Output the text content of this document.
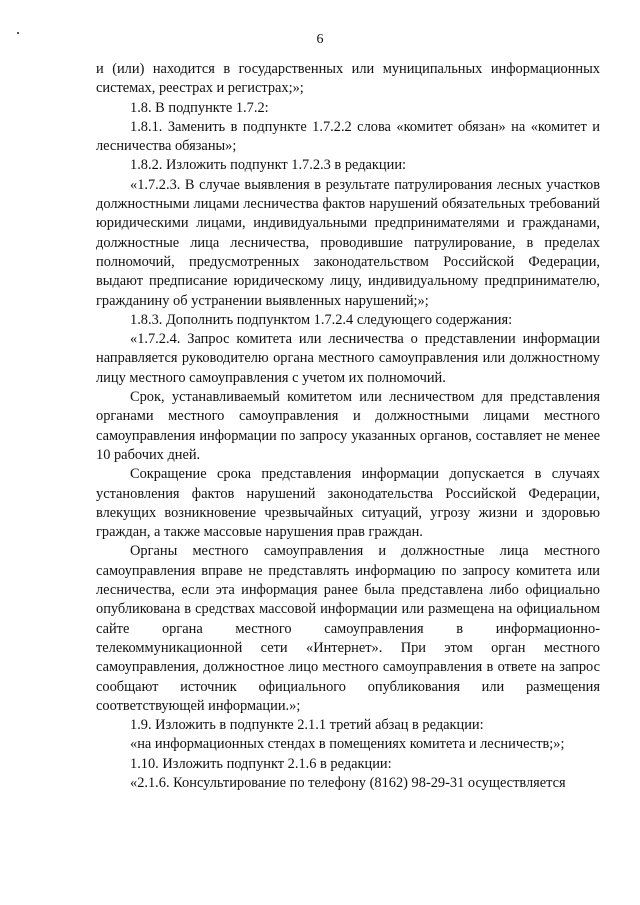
6

и (или) находится в государственных или муниципальных информационных системах, реестрах и регистрах;»;

1.8. В подпункте 1.7.2:

1.8.1. Заменить в подпункте 1.7.2.2 слова «комитет обязан» на «комитет и лесничества обязаны»;

1.8.2. Изложить подпункт 1.7.2.3 в редакции:

«1.7.2.3. В случае выявления в результате патрулирования лесных участков должностными лицами лесничества фактов нарушений обязательных требований юридическими лицами, индивидуальными предпринимателями и гражданами, должностные лица лесничества, проводившие патрулирование, в пределах полномочий, предусмотренных законодательством Российской Федерации, выдают предписание юридическому лицу, индивидуальному предпринимателю, гражданину об устранении выявленных нарушений;»;

1.8.3. Дополнить подпунктом 1.7.2.4 следующего содержания:

«1.7.2.4. Запрос комитета или лесничества о представлении информации направляется руководителю органа местного самоуправления или должностному лицу местного самоуправления с учетом их полномочий.

Срок, устанавливаемый комитетом или лесничеством для представления органами местного самоуправления и должностными лицами местного самоуправления информации по запросу указанных органов, составляет не менее 10 рабочих дней.

Сокращение срока представления информации допускается в случаях установления фактов нарушений законодательства Российской Федерации, влекущих возникновение чрезвычайных ситуаций, угрозу жизни и здоровью граждан, а также массовые нарушения прав граждан.

Органы местного самоуправления и должностные лица местного самоуправления вправе не представлять информацию по запросу комитета или лесничества, если эта информация ранее была представлена либо официально опубликована в средствах массовой информации или размещена на официальном сайте органа местного самоуправления в информационно-телекоммуникационной сети «Интернет». При этом орган местного самоуправления, должностное лицо местного самоуправления в ответе на запрос сообщают источник официального опубликования или размещения соответствующей информации.»;

1.9. Изложить в подпункте 2.1.1 третий абзац в редакции:

«на информационных стендах в помещениях комитета и лесничеств;»;

1.10. Изложить подпункт 2.1.6 в редакции:

«2.1.6. Консультирование по телефону (8162) 98-29-31 осуществляется
